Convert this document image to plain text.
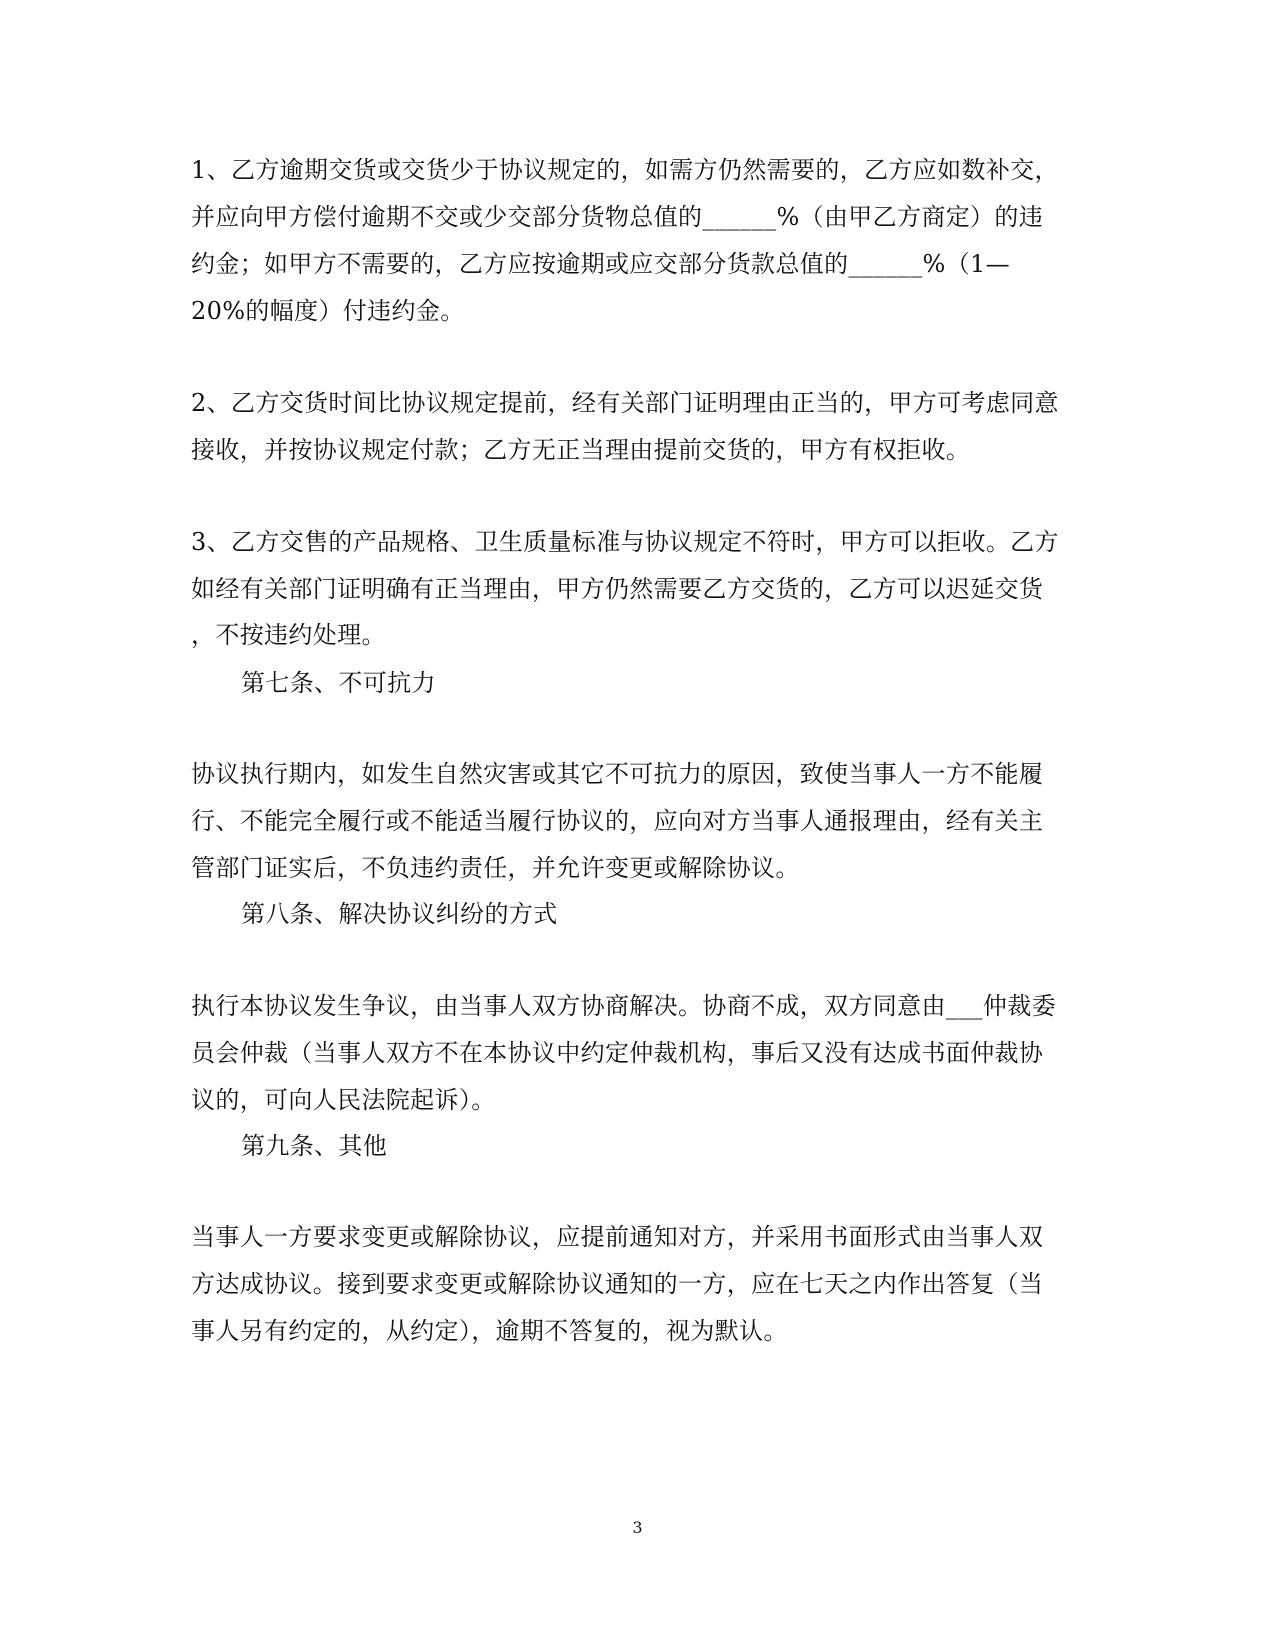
1、乙方逾期交货或交货少于协议规定的，如需方仍然需要的，乙方应如数补交，
并应向甲方偿付逾期不交或少交部分货物总值的______%（由甲乙方商定）的违
约金；如甲方不需要的，乙方应按逾期或应交部分货款总值的______%（1—
20%的幅度）付违约金。
2、乙方交货时间比协议规定提前，经有关部门证明理由正当的，甲方可考虑同意
接收，并按协议规定付款；乙方无正当理由提前交货的，甲方有权拒收。
3、乙方交售的产品规格、卫生质量标准与协议规定不符时，甲方可以拒收。乙方
如经有关部门证明确有正当理由，甲方仍然需要乙方交货的，乙方可以迟延交货
，不按违约处理。
第七条、不可抗力
协议执行期内，如发生自然灾害或其它不可抗力的原因，致使当事人一方不能履
行、不能完全履行或不能适当履行协议的，应向对方当事人通报理由，经有关主
管部门证实后，不负违约责任，并允许变更或解除协议。
第八条、解决协议纠纷的方式
执行本协议发生争议，由当事人双方协商解决。协商不成，双方同意由___仲裁委
员会仲裁（当事人双方不在本协议中约定仲裁机构，事后又没有达成书面仲裁协
议的，可向人民法院起诉）。
第九条、其他
当事人一方要求变更或解除协议，应提前通知对方，并采用书面形式由当事人双
方达成协议。接到要求变更或解除协议通知的一方，应在七天之内作出答复（当
事人另有约定的，从约定），逾期不答复的，视为默认。
3
